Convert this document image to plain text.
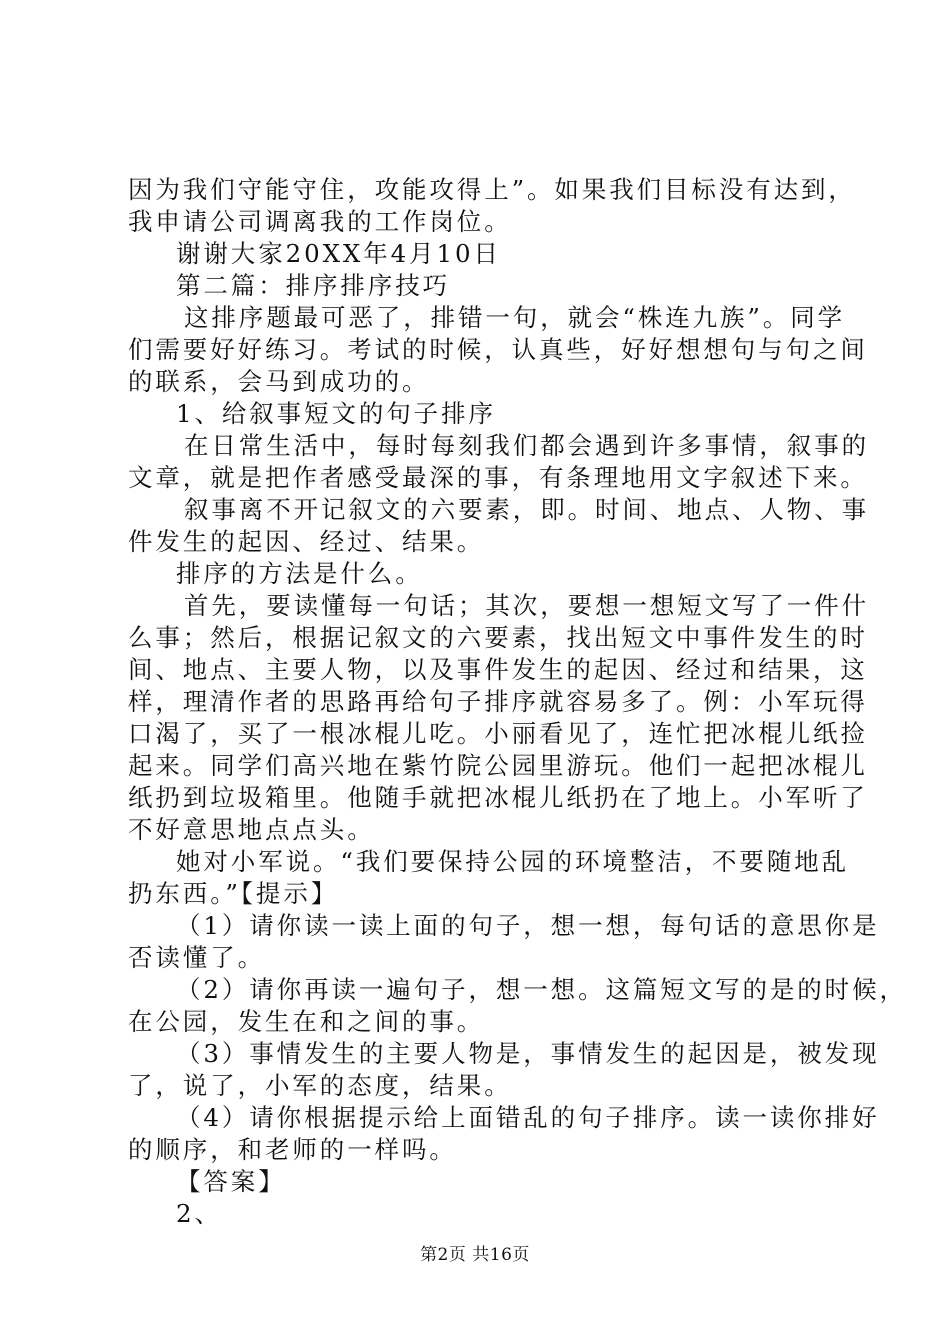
因为我们守能守住，攻能攻得上”。如果我们目标没有达到，
我申请公司调离我的工作岗位。
谢谢大家20XX年4月10日
第二篇：排序排序技巧
这排序题最可恶了，排错一句，就会“株连九族”。同学
们需要好好练习。考试的时候，认真些，好好想想句与句之间
的联系，会马到成功的。
1、给叙事短文的句子排序
在日常生活中，每时每刻我们都会遇到许多事情，叙事的
文章，就是把作者感受最深的事，有条理地用文字叙述下来。
叙事离不开记叙文的六要素，即。时间、地点、人物、事
件发生的起因、经过、结果。
排序的方法是什么。
首先，要读懂每一句话；其次，要想一想短文写了一件什
么事；然后，根据记叙文的六要素，找出短文中事件发生的时
间、地点、主要人物，以及事件发生的起因、经过和结果，这
样，理清作者的思路再给句子排序就容易多了。例：小军玩得
口渴了，买了一根冰棍儿吃。小丽看见了，连忙把冰棍儿纸捡
起来。同学们高兴地在紫竹院公园里游玩。他们一起把冰棍儿
纸扔到垃圾箱里。他随手就把冰棍儿纸扔在了地上。小军听了
不好意思地点点头。
她对小军说。“我们要保持公园的环境整洁，不要随地乱
扔东西。”【提示】
（1）请你读一读上面的句子，想一想，每句话的意思你是
否读懂了。
（2）请你再读一遍句子，想一想。这篇短文写的是的时候，
在公园，发生在和之间的事。
（3）事情发生的主要人物是，事情发生的起因是，被发现
了，说了，小军的态度，结果。
（4）请你根据提示给上面错乱的句子排序。读一读你排好
的顺序，和老师的一样吗。
【答案】
2、
第2页 共16页
